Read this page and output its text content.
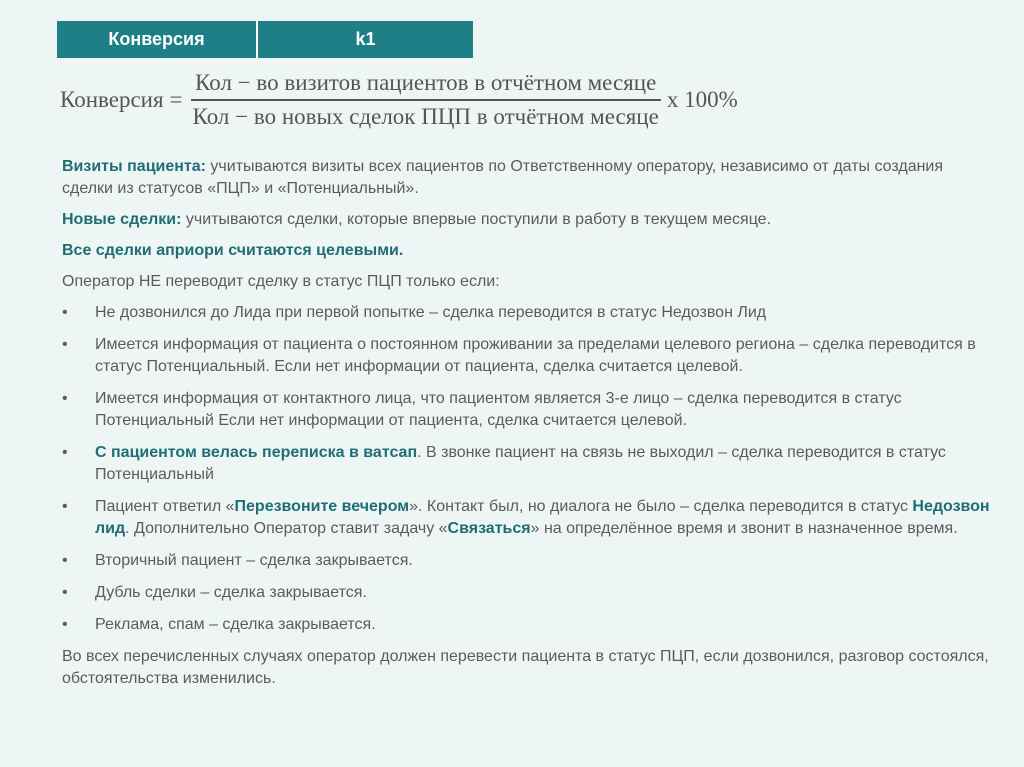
Конверсия	k1
Конверсия = $\frac{\text{Кол − во визитов пациентов в отчётном месяце}}{\text{Кол − во новых сделок ПЦП в отчётном месяце}}$ x 100%

Визиты пациента: учитываются визиты всех пациентов по Ответственному оператору, независимо от даты создания сделки из статусов «ПЦП» и «Потенциальный».

Новые сделки: учитываются сделки, которые впервые поступили в работу в текущем месяце.

Все сделки априори считаются целевыми.

Оператор НЕ переводит сделку в статус ПЦП только если:

• Не дозвонился до Лида при первой попытке – сделка переводится в статус Недозвон Лид
• Имеется информация от пациента о постоянном проживании за пределами целевого региона – сделка переводится в статус Потенциальный. Если нет информации от пациента, сделка считается целевой.
• Имеется информация от контактного лица, что пациентом является 3-е лицо – сделка переводится в статус Потенциальный Если нет информации от пациента, сделка считается целевой.
• С пациентом велась переписка в ватсап. В звонке пациент на связь не выходил – сделка переводится в статус Потенциальный
• Пациент ответил «Перезвоните вечером». Контакт был, но диалога не было – сделка переводится в статус Недозвон лид. Дополнительно Оператор ставит задачу «Связаться» на определённое время и звонит в назначенное время.
• Вторичный пациент – сделка закрывается.
• Дубль сделки – сделка закрывается.
• Реклама, спам – сделка закрывается.

Во всех перечисленных случаях оператор должен перевести пациента в статус ПЦП, если дозвонился, разговор состоялся, обстоятельства изменились.
